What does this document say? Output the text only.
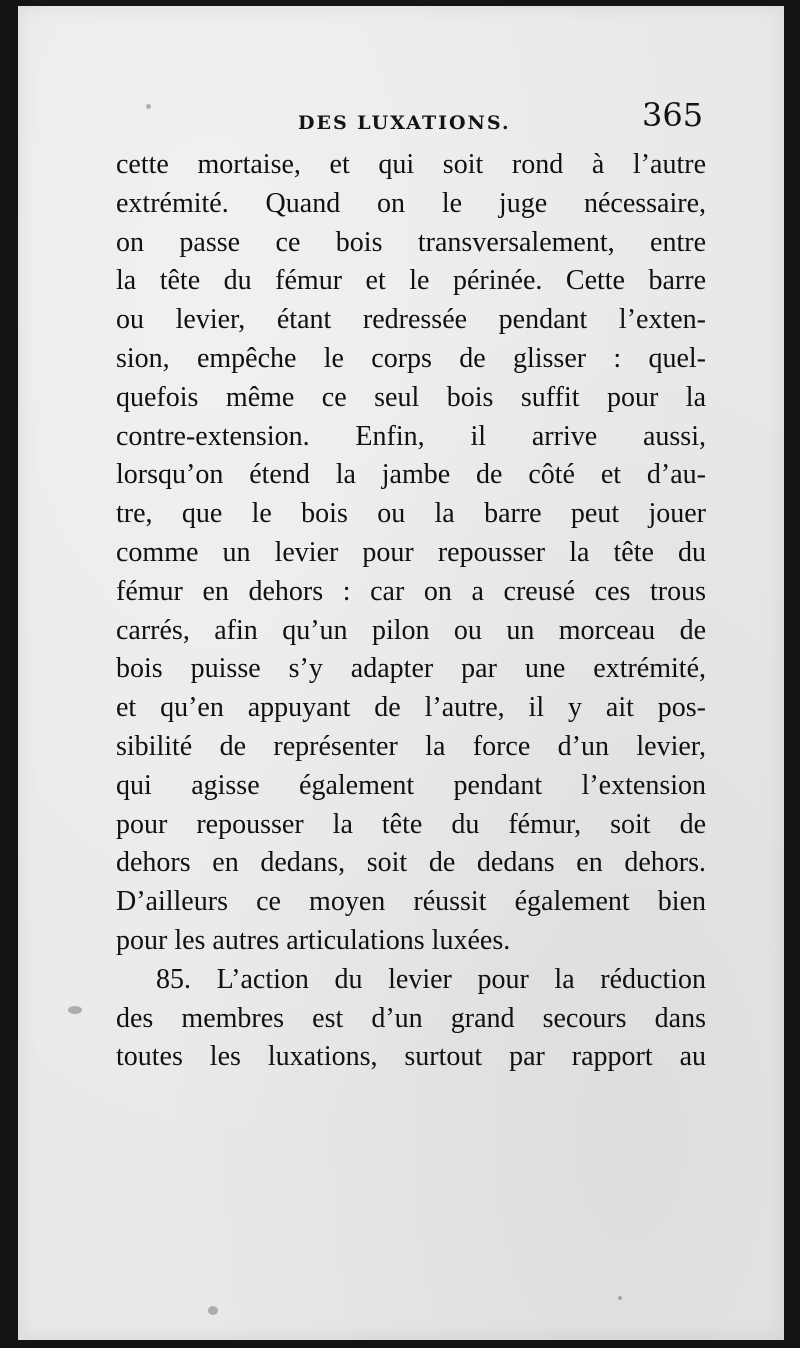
DES LUXATIONS.	365
cette mortaise, et qui soit rond à l’autre
extrémité. Quand on le juge nécessaire,
on passe ce bois transversalement, entre
la tête du fémur et le périnée. Cette barre
ou levier, étant redressée pendant l’exten-
sion, empêche le corps de glisser : quel-
quefois même ce seul bois suffit pour la
contre-extension. Enfin, il arrive aussi,
lorsqu’on étend la jambe de côté et d’au-
tre, que le bois ou la barre peut jouer
comme un levier pour repousser la tête du
fémur en dehors : car on a creusé ces trous
carrés, afin qu’un pilon ou un morceau de
bois puisse s’y adapter par une extrémité,
et qu’en appuyant de l’autre, il y ait pos-
sibilité de représenter la force d’un levier,
qui agisse également pendant l’extension
pour repousser la tête du fémur, soit de
dehors en dedans, soit de dedans en dehors.
D’ailleurs ce moyen réussit également bien
pour les autres articulations luxées.
85. L’action du levier pour la réduction
des membres est d’un grand secours dans
toutes les luxations, surtout par rapport au
